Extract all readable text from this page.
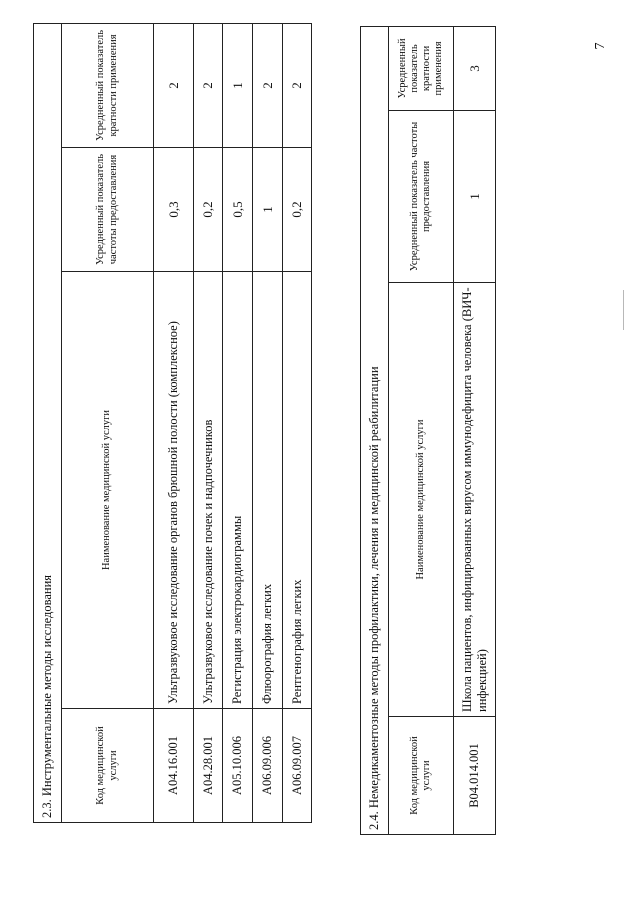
7
2.3. Инструментальные методы исследования			
Код медицинской услуги	Наименование медицинской услуги	Усредненный показатель частоты предоставления	Усредненный показатель кратности применения
A04.16.001	Ультразвуковое исследование органов брюшной полости (комплексное)	0,3	2
A04.28.001	Ультразвуковое исследование почек и надпочечников	0,2	2
A05.10.006	Регистрация электрокардиограммы	0,5	1
A06.09.006	Флюорография легких	1	2
A06.09.007	Рентгенография легких	0,2	2
2.4. Немедикаментозные методы профилактики, лечения и медицинской реабилитации			
Код медицинской услуги	Наименование медицинской услуги	Усредненный показатель частоты предоставления	Усредненный показатель кратности применения
B04.014.001	Школа пациентов, инфицированных вирусом иммунодефицита человека (ВИЧ-инфекцией)	1	3
